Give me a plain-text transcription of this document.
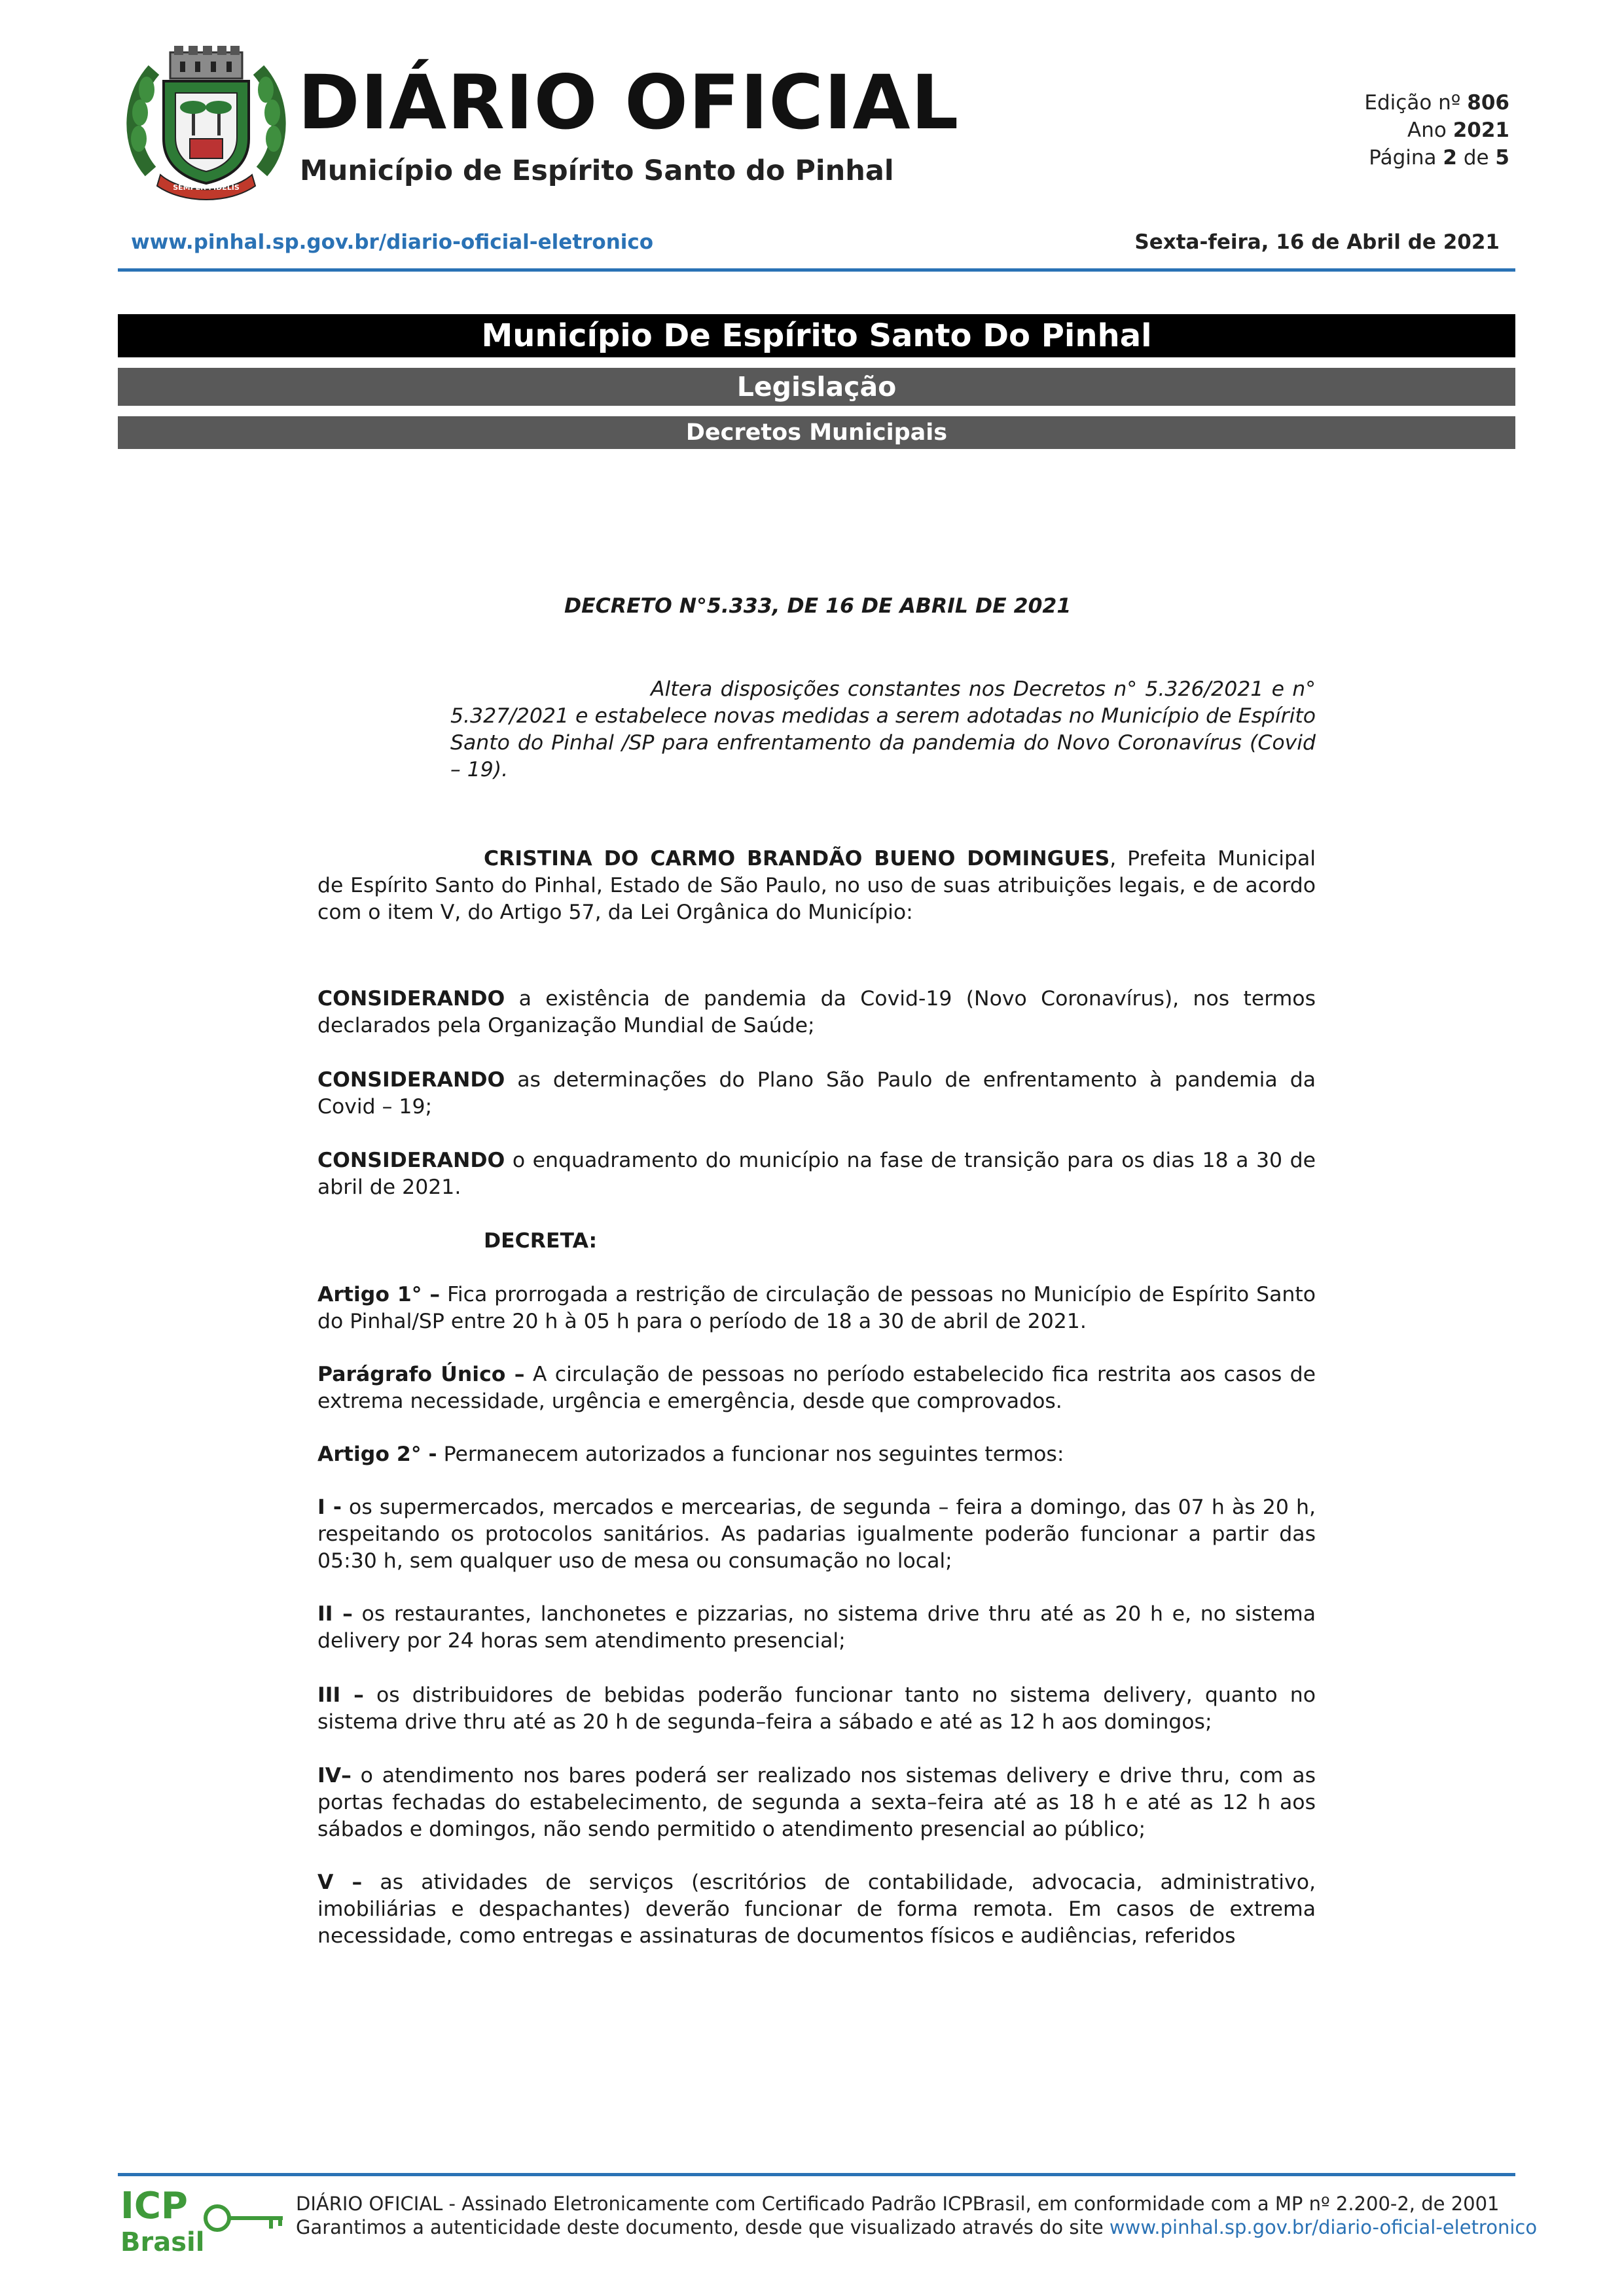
SEMPER FIDELIS
DIÁRIO OFICIAL
Município de Espírito Santo do Pinhal
Edição nº 806
Ano 2021
Página 2 de 5
www.pinhal.sp.gov.br/diario-oficial-eletronico	Sexta-feira, 16 de Abril de 2021
Município De Espírito Santo Do Pinhal
Legislação
Decretos Municipais
DECRETO N°5.333, DE 16 DE ABRIL DE 2021
Altera disposições constantes nos Decretos n° 5.326/2021 e n° 5.327/2021 e estabelece novas medidas a serem adotadas no Município de Espírito Santo do Pinhal /SP para enfrentamento da pandemia do Novo Coronavírus (Covid – 19).

CRISTINA DO CARMO BRANDÃO BUENO DOMINGUES, Prefeita Municipal de Espírito Santo do Pinhal, Estado de São Paulo, no uso de suas atribuições legais, e de acordo com o item V, do Artigo 57, da Lei Orgânica do Município:

CONSIDERANDO a existência de pandemia da Covid-19 (Novo Coronavírus), nos termos declarados pela Organização Mundial de Saúde;

CONSIDERANDO as determinações do Plano São Paulo de enfrentamento à pandemia da Covid – 19;

CONSIDERANDO o enquadramento do município na fase de transição para os dias 18 a 30 de abril de 2021.

DECRETA:

Artigo 1° – Fica prorrogada a restrição de circulação de pessoas no Município de Espírito Santo do Pinhal/SP entre 20 h à 05 h para o período de 18 a 30 de abril de 2021.

Parágrafo Único – A circulação de pessoas no período estabelecido fica restrita aos casos de extrema necessidade, urgência e emergência, desde que comprovados.

Artigo 2° - Permanecem autorizados a funcionar nos seguintes termos:

I - os supermercados, mercados e mercearias, de segunda – feira a domingo, das 07 h às 20 h, respeitando os protocolos sanitários. As padarias igualmente poderão funcionar a partir das 05:30 h, sem qualquer uso de mesa ou consumação no local;

II – os restaurantes, lanchonetes e pizzarias, no sistema drive thru até as 20 h e, no sistema delivery por 24 horas sem atendimento presencial;

III – os distribuidores de bebidas poderão funcionar tanto no sistema delivery, quanto no sistema drive thru até as 20 h de segunda–feira a sábado e até as 12 h aos domingos;

IV– o atendimento nos bares poderá ser realizado nos sistemas delivery e drive thru, com as portas fechadas do estabelecimento, de segunda a sexta–feira até as 18 h e até as 12 h aos sábados e domingos, não sendo permitido o atendimento presencial ao público;

V – as atividades de serviços (escritórios de contabilidade, advocacia, administrativo, imobiliárias e despachantes) deverão funcionar de forma remota. Em casos de extrema necessidade, como entregas e assinaturas de documentos físicos e audiências, referidos

ICP
Brasil
DIÁRIO OFICIAL - Assinado Eletronicamente com Certificado Padrão ICPBrasil, em conformidade com a MP nº 2.200-2, de 2001
Garantimos a autenticidade deste documento, desde que visualizado através do site www.pinhal.sp.gov.br/diario-oficial-eletronico
